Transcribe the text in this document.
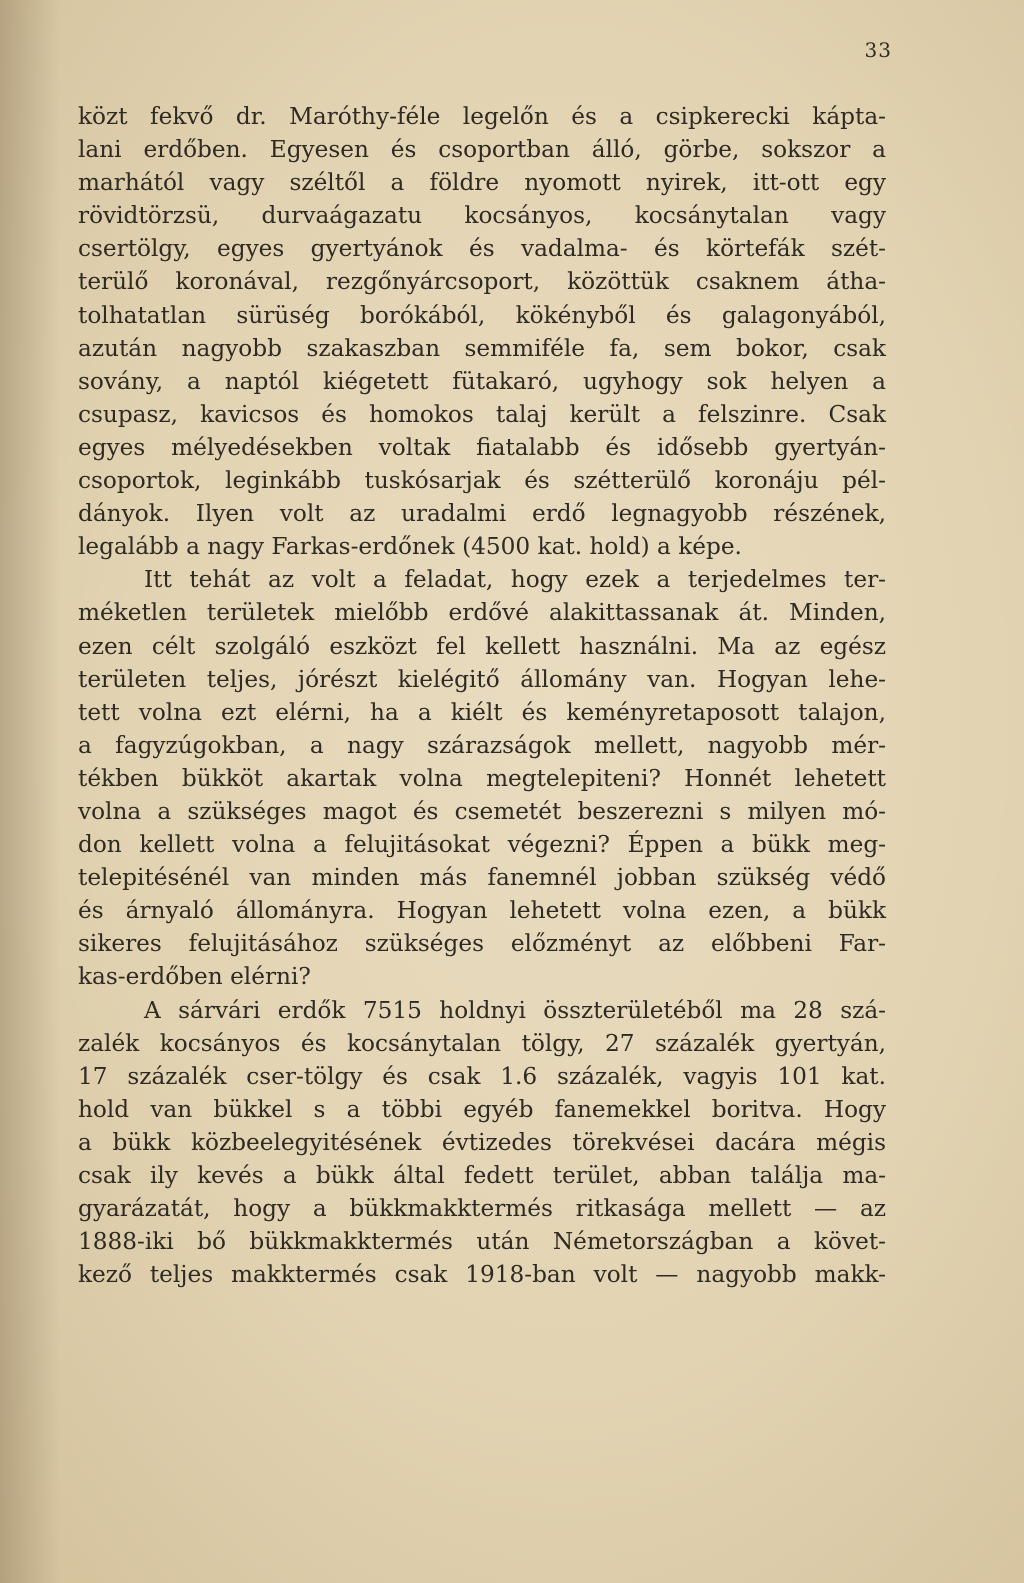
33
közt fekvő dr. Maróthy-féle legelőn és a csipkerecki kápta-
lani erdőben. Egyesen és csoportban álló, görbe, sokszor a
marhától vagy széltől a földre nyomott nyirek, itt-ott egy
rövidtörzsü, durvaágazatu kocsányos, kocsánytalan vagy
csertölgy, egyes gyertyánok és vadalma- és körtefák szét-
terülő koronával, rezgőnyárcsoport, közöttük csaknem átha-
tolhatatlan sürüség borókából, kökényből és galagonyából,
azután nagyobb szakaszban semmiféle fa, sem bokor, csak
sovány, a naptól kiégetett fütakaró, ugyhogy sok helyen a
csupasz, kavicsos és homokos talaj került a felszinre. Csak
egyes mélyedésekben voltak fiatalabb és idősebb gyertyán-
csoportok, leginkább tuskósarjak és szétterülő koronáju pél-
dányok. Ilyen volt az uradalmi erdő legnagyobb részének,
legalább a nagy Farkas-erdőnek (4500 kat. hold) a képe.
Itt tehát az volt a feladat, hogy ezek a terjedelmes ter-
méketlen területek mielőbb erdővé alakittassanak át. Minden,
ezen célt szolgáló eszközt fel kellett használni. Ma az egész
területen teljes, jórészt kielégitő állomány van. Hogyan lehe-
tett volna ezt elérni, ha a kiélt és keményretaposott talajon,
a fagyzúgokban, a nagy szárazságok mellett, nagyobb mér-
tékben bükköt akartak volna megtelepiteni? Honnét lehetett
volna a szükséges magot és csemetét beszerezni s milyen mó-
don kellett volna a felujitásokat végezni? Éppen a bükk meg-
telepitésénél van minden más fanemnél jobban szükség védő
és árnyaló állományra. Hogyan lehetett volna ezen, a bükk
sikeres felujitásához szükséges előzményt az előbbeni Far-
kas-erdőben elérni?
A sárvári erdők 7515 holdnyi összterületéből ma 28 szá-
zalék kocsányos és kocsánytalan tölgy, 27 százalék gyertyán,
17 százalék cser-tölgy és csak 1.6 százalék, vagyis 101 kat.
hold van bükkel s a többi egyéb fanemekkel boritva. Hogy
a bükk közbeelegyitésének évtizedes törekvései dacára mégis
csak ily kevés a bükk által fedett terület, abban találja ma-
gyarázatát, hogy a bükkmakktermés ritkasága mellett — az
1888-iki bő bükkmakktermés után Németországban a követ-
kező teljes makktermés csak 1918-ban volt — nagyobb makk-
